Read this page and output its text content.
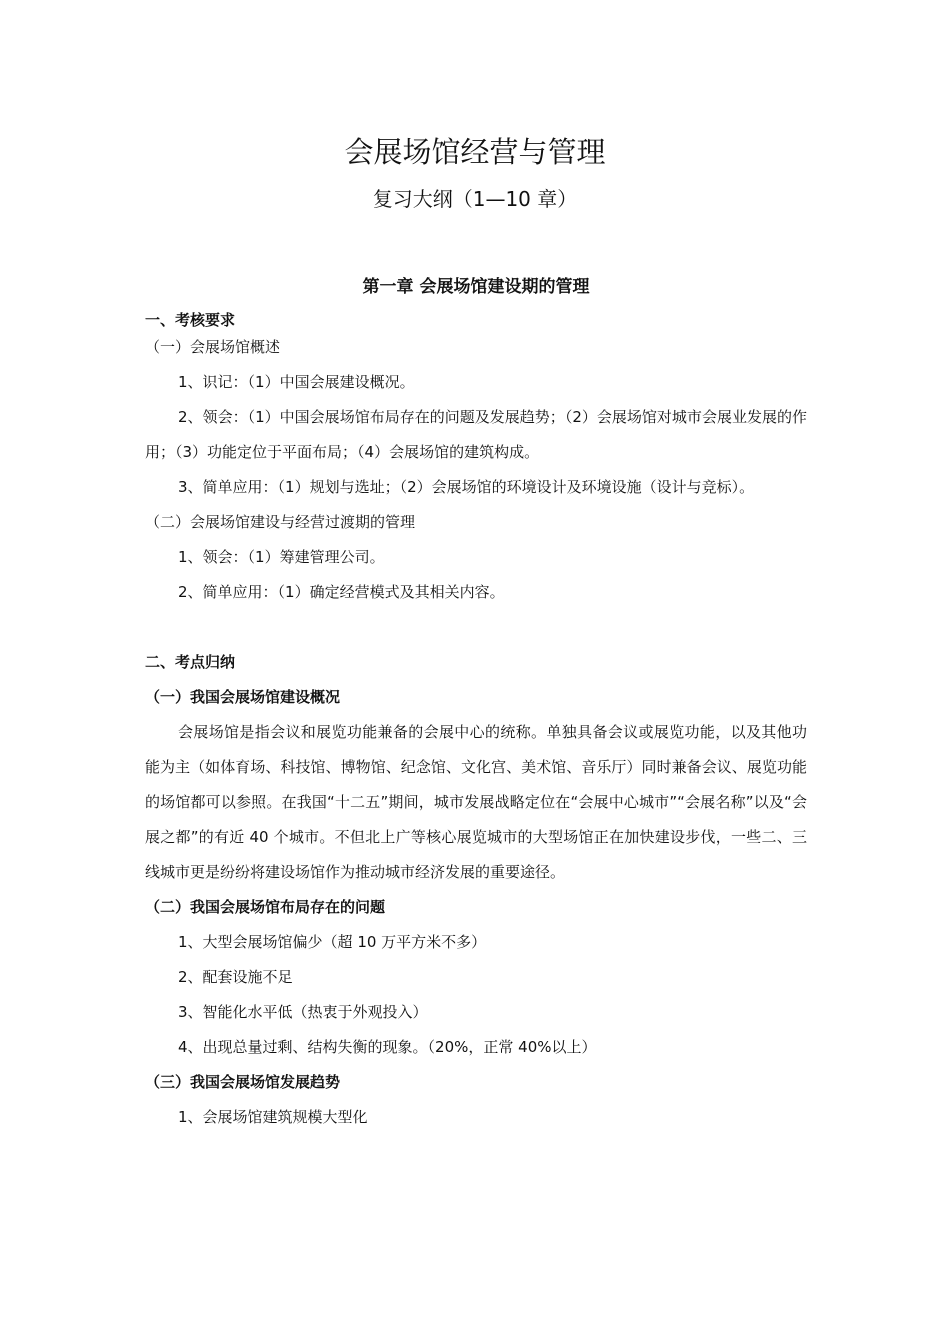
会展场馆经营与管理
复习大纲（1—10 章）
第一章 会展场馆建设期的管理
一、考核要求
（一）会展场馆概述
1、识记：（1）中国会展建设概况。
2、领会：（1）中国会展场馆布局存在的问题及发展趋势；（2）会展场馆对城市会展业发展的作用；（3）功能定位于平面布局；（4）会展场馆的建筑构成。
3、简单应用：（1）规划与选址；（2）会展场馆的环境设计及环境设施（设计与竞标）。
（二）会展场馆建设与经营过渡期的管理
1、领会：（1）筹建管理公司。
2、简单应用：（1）确定经营模式及其相关内容。
二、考点归纳
（一）我国会展场馆建设概况
会展场馆是指会议和展览功能兼备的会展中心的统称。单独具备会议或展览功能，以及其他功能为主（如体育场、科技馆、博物馆、纪念馆、文化宫、美术馆、音乐厅）同时兼备会议、展览功能的场馆都可以参照。在我国“十二五”期间，城市发展战略定位在“会展中心城市”“会展名称”以及“会展之都”的有近 40 个城市。不但北上广等核心展览城市的大型场馆正在加快建设步伐，一些二、三线城市更是纷纷将建设场馆作为推动城市经济发展的重要途径。
（二）我国会展场馆布局存在的问题
1、大型会展场馆偏少（超 10 万平方米不多）
2、配套设施不足
3、智能化水平低（热衷于外观投入）
4、出现总量过剩、结构失衡的现象。（20%，正常 40%以上）
（三）我国会展场馆发展趋势
1、会展场馆建筑规模大型化
